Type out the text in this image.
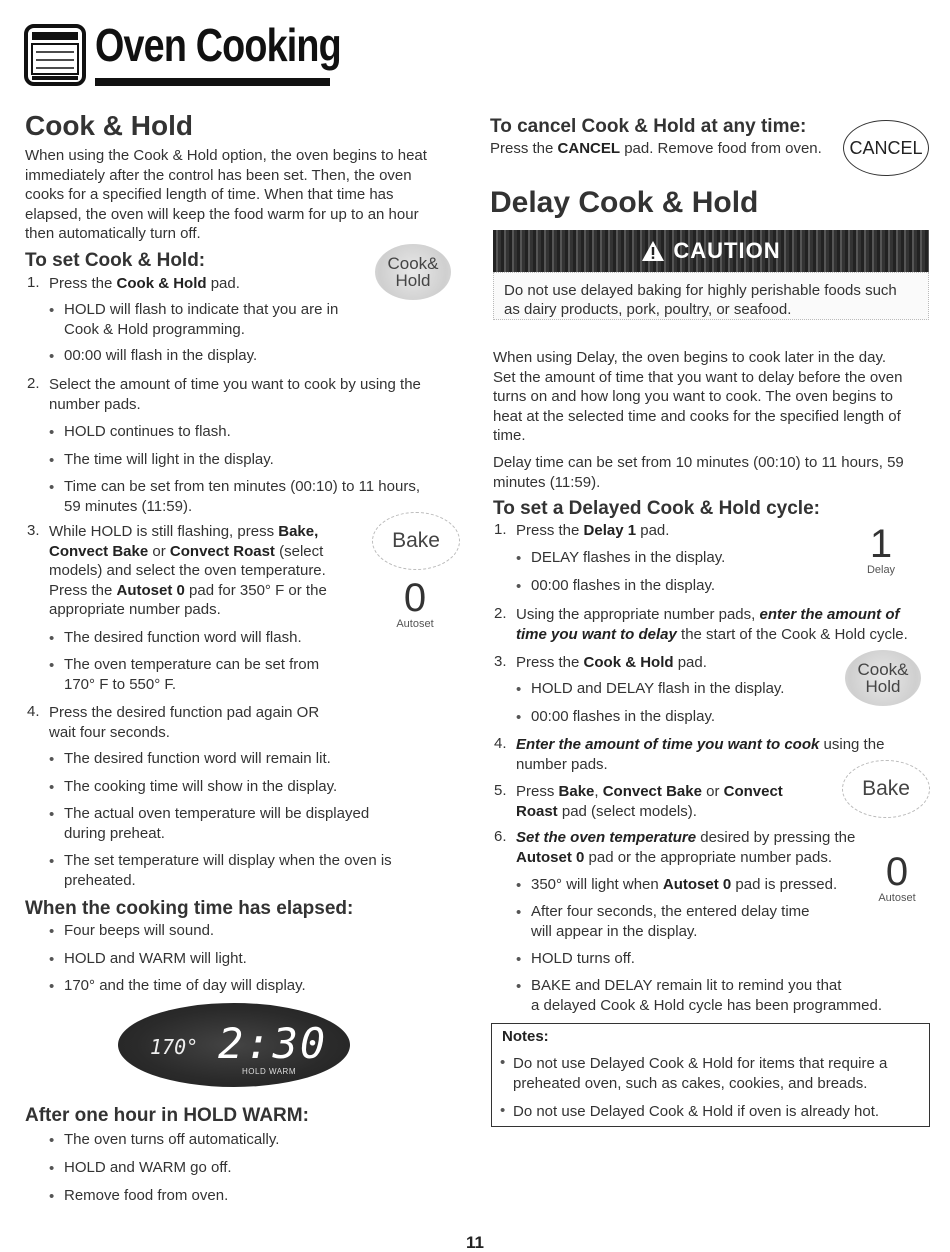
Oven Cooking
Cook & Hold
When using the Cook & Hold option, the oven begins to heat
immediately after the control has been set. Then, the oven
cooks for a specified length of time. When that time has
elapsed, the oven will keep the food warm for up to an hour
then automatically turn off.
To set Cook & Hold:	Cook&
Hold
1. Press the Cook & Hold pad.
• HOLD will flash to indicate that you are in
Cook & Hold programming.
• 00:00 will flash in the display.
2. Select the amount of time you want to cook by using the
number pads.
• HOLD continues to flash.
• The time will light in the display.
• Time can be set from ten minutes (00:10) to 11 hours,
59 minutes (11:59).
3. While HOLD is still flashing, press Bake,
Convect Bake or Convect Roast (select
models) and select the oven temperature.
Press the Autoset 0 pad for 350° F or the
appropriate number pads.
Bake
0
Autoset
• The desired function word will flash.
• The oven temperature can be set from
170° F to 550° F.
4. Press the desired function pad again OR
wait four seconds.
• The desired function word will remain lit.
• The cooking time will show in the display.
• The actual oven temperature will be displayed
during preheat.
• The set temperature will display when the oven is
preheated.
When the cooking time has elapsed:
• Four beeps will sound.
• HOLD and WARM will light.
• 170° and the time of day will display.
170° 2:30
HOLD WARM
After one hour in HOLD WARM:
• The oven turns off automatically.
• HOLD and WARM go off.
• Remove food from oven.
To cancel Cook & Hold at any time:
Press the CANCEL pad. Remove food from oven.	CANCEL
Delay Cook & Hold
CAUTION
Do not use delayed baking for highly perishable foods such
as dairy products, pork, poultry, or seafood.
When using Delay, the oven begins to cook later in the day.
Set the amount of time that you want to delay before the oven
turns on and how long you want to cook. The oven begins to
heat at the selected time and cooks for the specified length of
time.
Delay time can be set from 10 minutes (00:10) to 11 hours, 59
minutes (11:59).
To set a Delayed Cook & Hold cycle:
1. Press the Delay 1 pad.	1
Delay
• DELAY flashes in the display.
• 00:00 flashes in the display.
2. Using the appropriate number pads, enter the amount of
time you want to delay the start of the Cook & Hold cycle.
3. Press the Cook & Hold pad.	Cook&
Hold
• HOLD and DELAY flash in the display.
• 00:00 flashes in the display.
4. Enter the amount of time you want to cook using the
number pads.
5. Press Bake, Convect Bake or Convect
Roast pad (select models).
Bake
6. Set the oven temperature desired by pressing the
Autoset 0 pad or the appropriate number pads.	0
Autoset
• 350° will light when Autoset 0 pad is pressed.
• After four seconds, the entered delay time
will appear in the display.
• HOLD turns off.
• BAKE and DELAY remain lit to remind you that
a delayed Cook & Hold cycle has been programmed.
Notes:
• Do not use Delayed Cook & Hold for items that require a
preheated oven, such as cakes, cookies, and breads.
• Do not use Delayed Cook & Hold if oven is already hot.
11
